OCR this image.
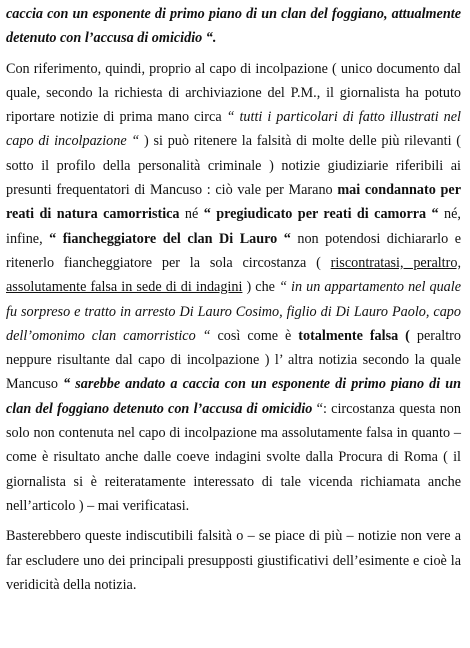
caccia con un esponente di primo piano di un clan del foggiano, attualmente detenuto con l’accusa di omicidio “.

Con riferimento, quindi, proprio al capo di incolpazione ( unico documento dal quale, secondo la richiesta di archiviazione del P.M., il giornalista ha potuto riportare notizie di prima mano circa “ tutti i particolari di fatto illustrati nel capo di incolpazione “ ) si può ritenere la falsità di molte delle più rilevanti ( sotto il profilo della personalità criminale ) notizie giudiziarie riferibili ai presunti frequentatori di Mancuso : ciò vale per Marano mai condannato per reati di natura camorristica né “ pregiudicato per reati di camorra “ né, infine, “ fiancheggiatore del clan Di Lauro “ non potendosi dichiararlo e ritenerlo fiancheggiatore per la sola circostanza ( riscontratasi, peraltro, assolutamente falsa in sede di di indagini ) che “ in un appartamento nel quale fu sorpreso e tratto in arresto Di Lauro Cosimo, figlio di Di Lauro Paolo, capo dell’omonimo clan camorristico “ così come è totalmente falsa ( peraltro neppure risultante dal capo di incolpazione ) l’ altra notizia secondo la quale Mancuso “ sarebbe andato a caccia con un esponente di primo piano di un clan del foggiano detenuto con l’accusa di omicidio “: circostanza questa non solo non contenuta nel capo di incolpazione ma assolutamente falsa in quanto – come è risultato anche dalle coeve indagini svolte dalla Procura di Roma ( il giornalista si è reiteratamente interessato di tale vicenda richiamata anche nell’articolo ) – mai verificatasi.

Basterebbero queste indiscutibili falsità o – se piace di più – notizie non vere a far escludere uno dei principali presupposti giustificativi dell’esimente e cioè la veridicità della notizia.
